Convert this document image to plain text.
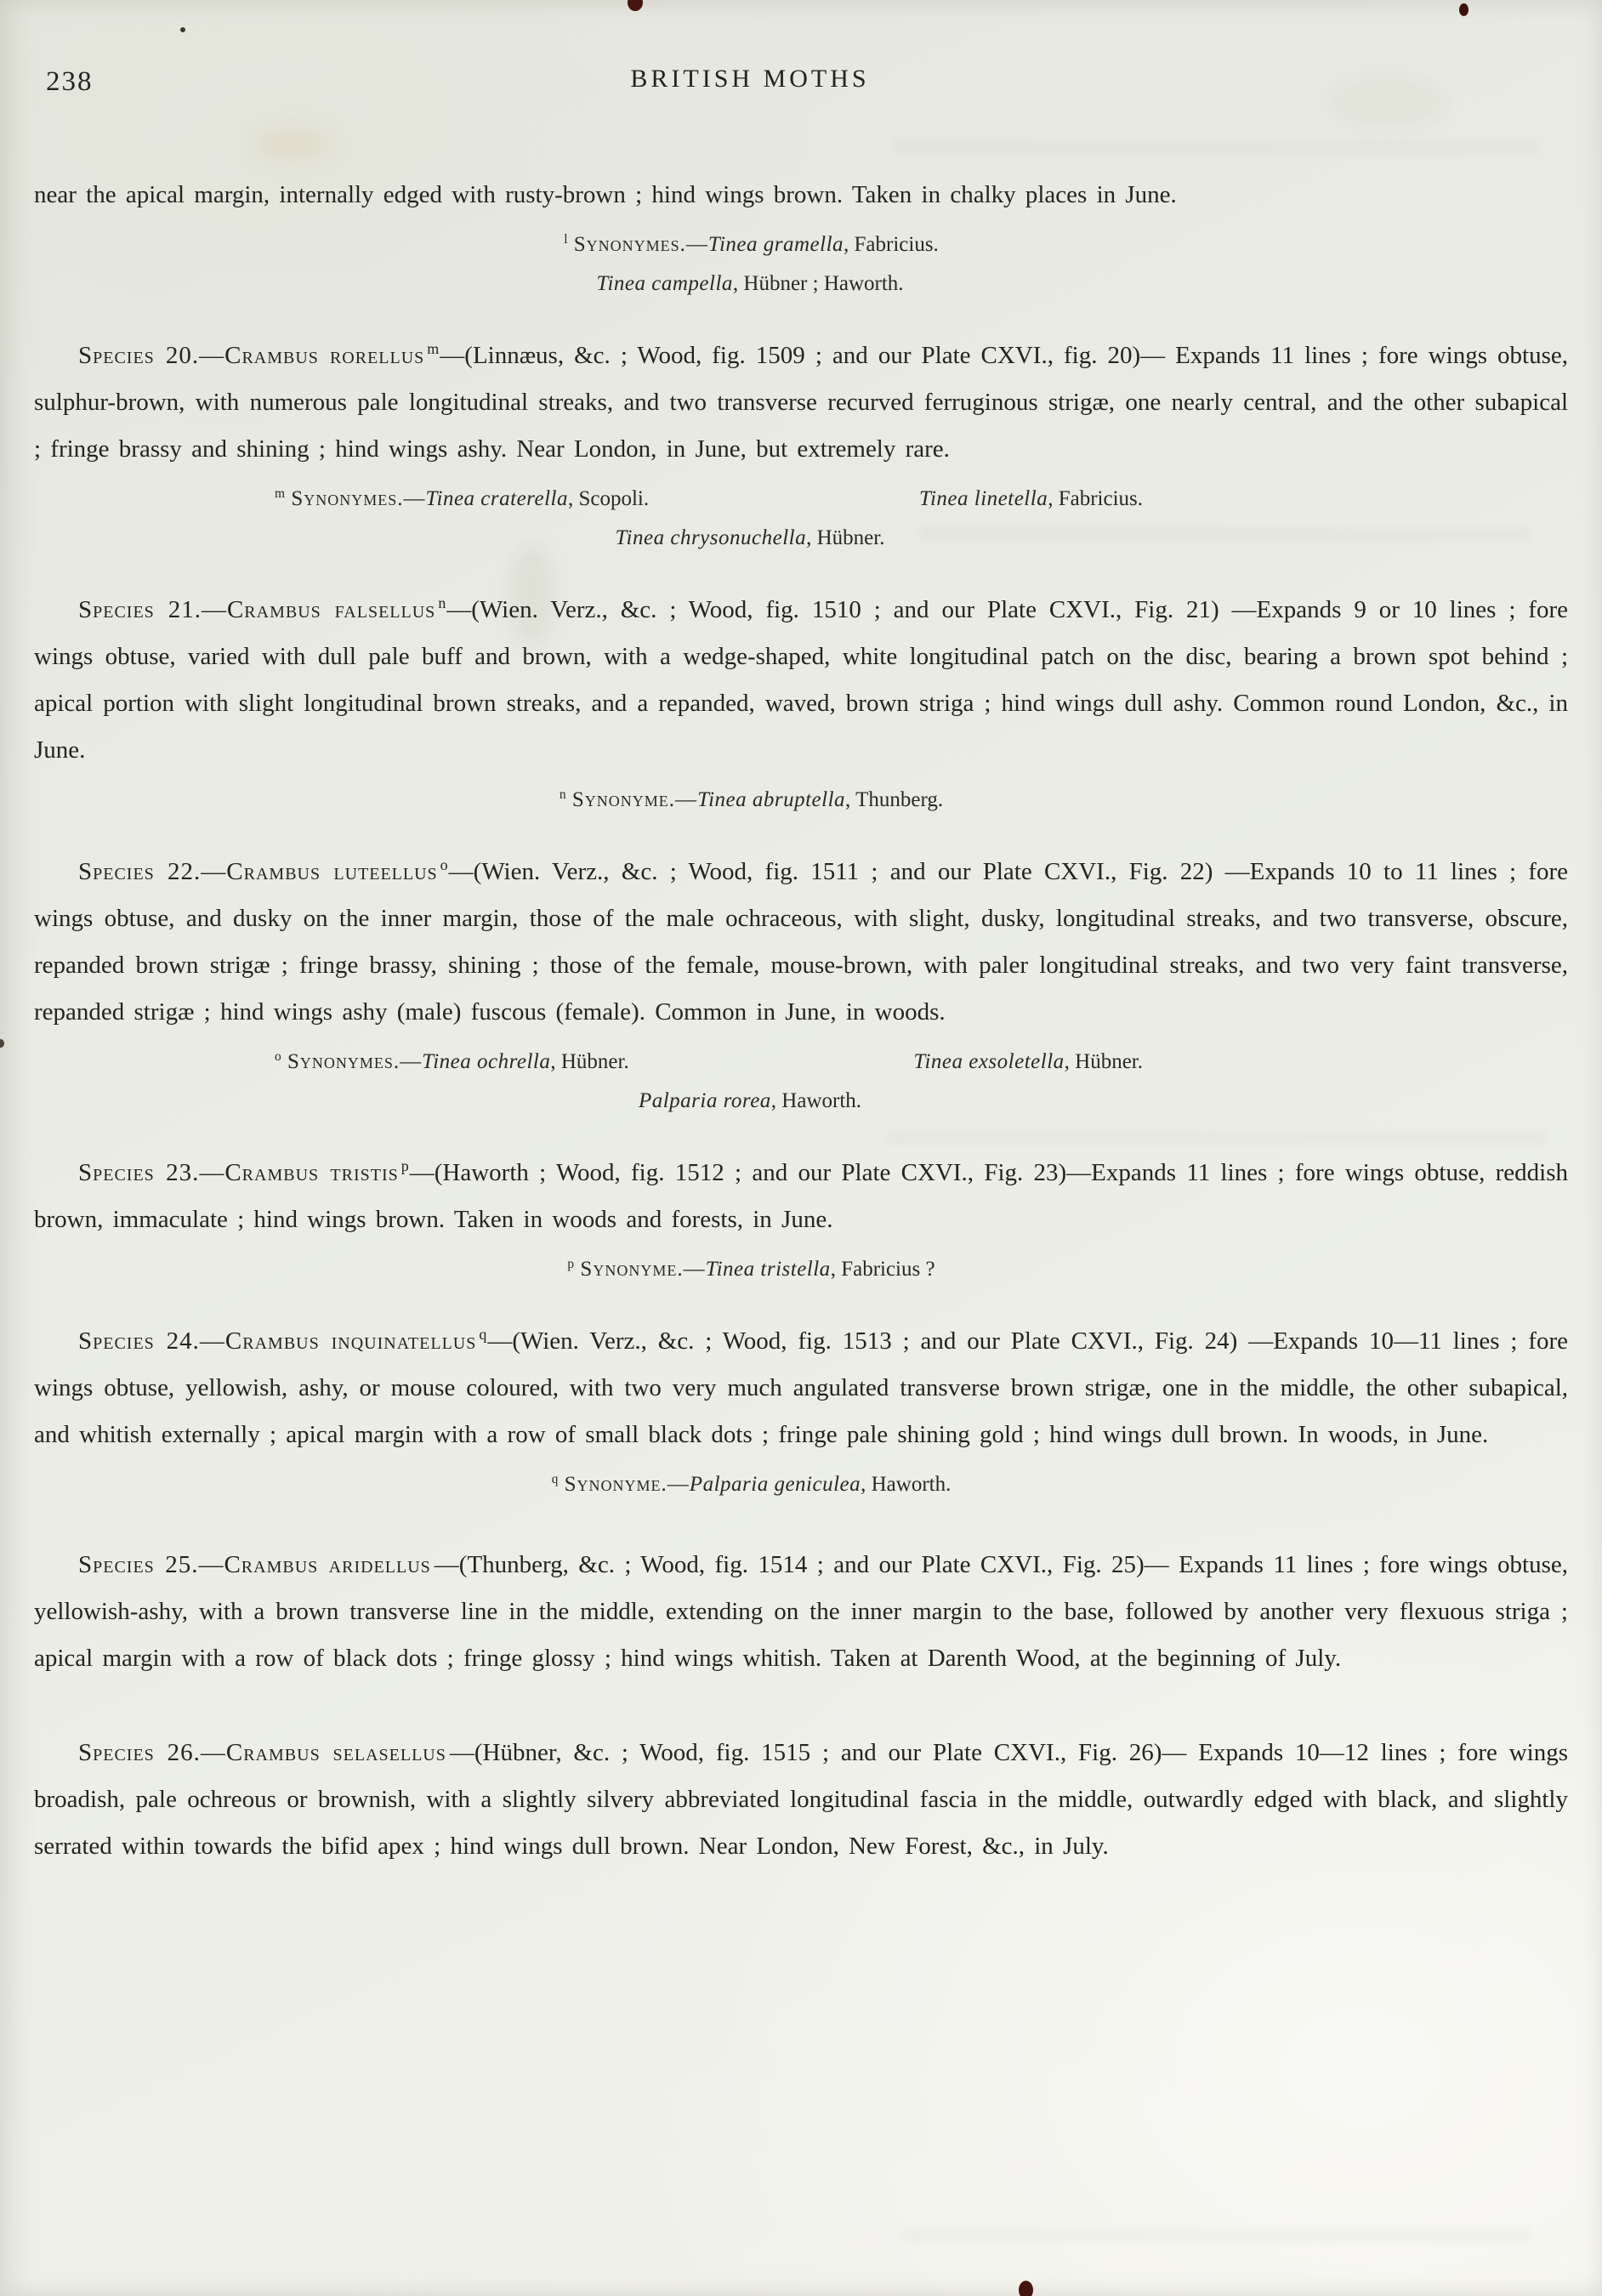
238	BRITISH MOTHS

near the apical margin, internally edged with rusty-brown ; hind wings brown. Taken in chalky places in June.

$^l$ Synonymes.—Tinea gramella, Fabricius.
Tinea campella, Hübner ; Haworth.

Species 20.—Crambus rorellus $^m$—(Linnæus, &c. ; Wood, fig. 1509 ; and our Plate CXVI., fig. 20)— Expands 11 lines ; fore wings obtuse, sulphur-brown, with numerous pale longitudinal streaks, and two transverse recurved ferruginous strigæ, one nearly central, and the other subapical ; fringe brassy and shining ; hind wings ashy. Near London, in June, but extremely rare.

$^m$ Synonymes.—Tinea craterella, Scopoli.	Tinea linetella, Fabricius.
Tinea chrysonuchella, Hübner.

Species 21.—Crambus falsellus $^n$—(Wien. Verz., &c. ; Wood, fig. 1510 ; and our Plate CXVI., Fig. 21) —Expands 9 or 10 lines ; fore wings obtuse, varied with dull pale buff and brown, with a wedge-shaped, white longitudinal patch on the disc, bearing a brown spot behind ; apical portion with slight longitudinal brown streaks, and a repanded, waved, brown striga ; hind wings dull ashy. Common round London, &c., in June.

$^n$ Synonyme.—Tinea abruptella, Thunberg.

Species 22.—Crambus luteellus $^o$—(Wien. Verz., &c. ; Wood, fig. 1511 ; and our Plate CXVI., Fig. 22) —Expands 10 to 11 lines ; fore wings obtuse, and dusky on the inner margin, those of the male ochraceous, with slight, dusky, longitudinal streaks, and two transverse, obscure, repanded brown strigæ ; fringe brassy, shining ; those of the female, mouse-brown, with paler longitudinal streaks, and two very faint transverse, repanded strigæ ; hind wings ashy (male) fuscous (female). Common in June, in woods.

$^o$ Synonymes.—Tinea ochrella, Hübner.	Tinea exsoletella, Hübner.
Palparia rorea, Haworth.

Species 23.—Crambus tristis $^p$—(Haworth ; Wood, fig. 1512 ; and our Plate CXVI., Fig. 23)—Expands 11 lines ; fore wings obtuse, reddish brown, immaculate ; hind wings brown. Taken in woods and forests, in June.

$^p$ Synonyme.—Tinea tristella, Fabricius ?

Species 24.—Crambus inquinatellus $^q$—(Wien. Verz., &c. ; Wood, fig. 1513 ; and our Plate CXVI., Fig. 24) —Expands 10—11 lines ; fore wings obtuse, yellowish, ashy, or mouse coloured, with two very much angulated transverse brown strigæ, one in the middle, the other subapical, and whitish externally ; apical margin with a row of small black dots ; fringe pale shining gold ; hind wings dull brown. In woods, in June.

$^q$ Synonyme.—Palparia geniculea, Haworth.

Species 25.—Crambus aridellus —(Thunberg, &c. ; Wood, fig. 1514 ; and our Plate CXVI., Fig. 25)— Expands 11 lines ; fore wings obtuse, yellowish-ashy, with a brown transverse line in the middle, extending on the inner margin to the base, followed by another very flexuous striga ; apical margin with a row of black dots ; fringe glossy ; hind wings whitish. Taken at Darenth Wood, at the beginning of July.

Species 26.—Crambus selasellus —(Hübner, &c. ; Wood, fig. 1515 ; and our Plate CXVI., Fig. 26)— Expands 10—12 lines ; fore wings broadish, pale ochreous or brownish, with a slightly silvery abbreviated longitudinal fascia in the middle, outwardly edged with black, and slightly serrated within towards the bifid apex ; hind wings dull brown. Near London, New Forest, &c., in July.
